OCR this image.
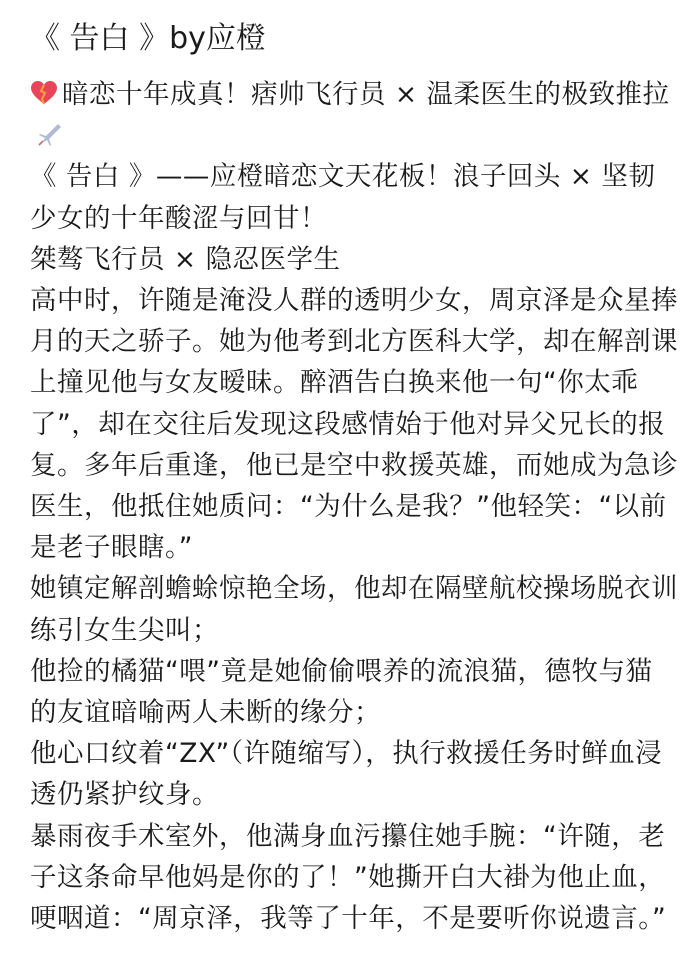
《 告白 》by应橙

暗恋十年成真！痞帅飞行员 × 温柔医生的极致推拉

《 告白 》——应橙暗恋文天花板！浪子回头 × 坚韧少女的十年酸涩与回甘！

桀骜飞行员 × 隐忍医学生

高中时，许随是淹没人群的透明少女，周京泽是众星捧月的天之骄子。她为他考到北方医科大学，却在解剖课上撞见他与女友暧昧。醉酒告白换来他一句“你太乖了”，却在交往后发现这段感情始于他对异父兄长的报复。多年后重逢，他已是空中救援英雄，而她成为急诊医生，他抵住她质问：“为什么是我？”他轻笑：“以前是老子眼瞎。”

她镇定解剖蟾蜍惊艳全场，他却在隔壁航校操场脱衣训练引女生尖叫；

他捡的橘猫“喂”竟是她偷偷喂养的流浪猫，德牧与猫的友谊暗喻两人未断的缘分；

他心口纹着“ZX”（许随缩写），执行救援任务时鲜血浸透仍紧护纹身。

暴雨夜手术室外，他满身血污攥住她手腕：“许随，老子这条命早他妈是你的了！”她撕开白大褂为他止血，哽咽道：“周京泽，我等了十年，不是要听你说遗言。”
